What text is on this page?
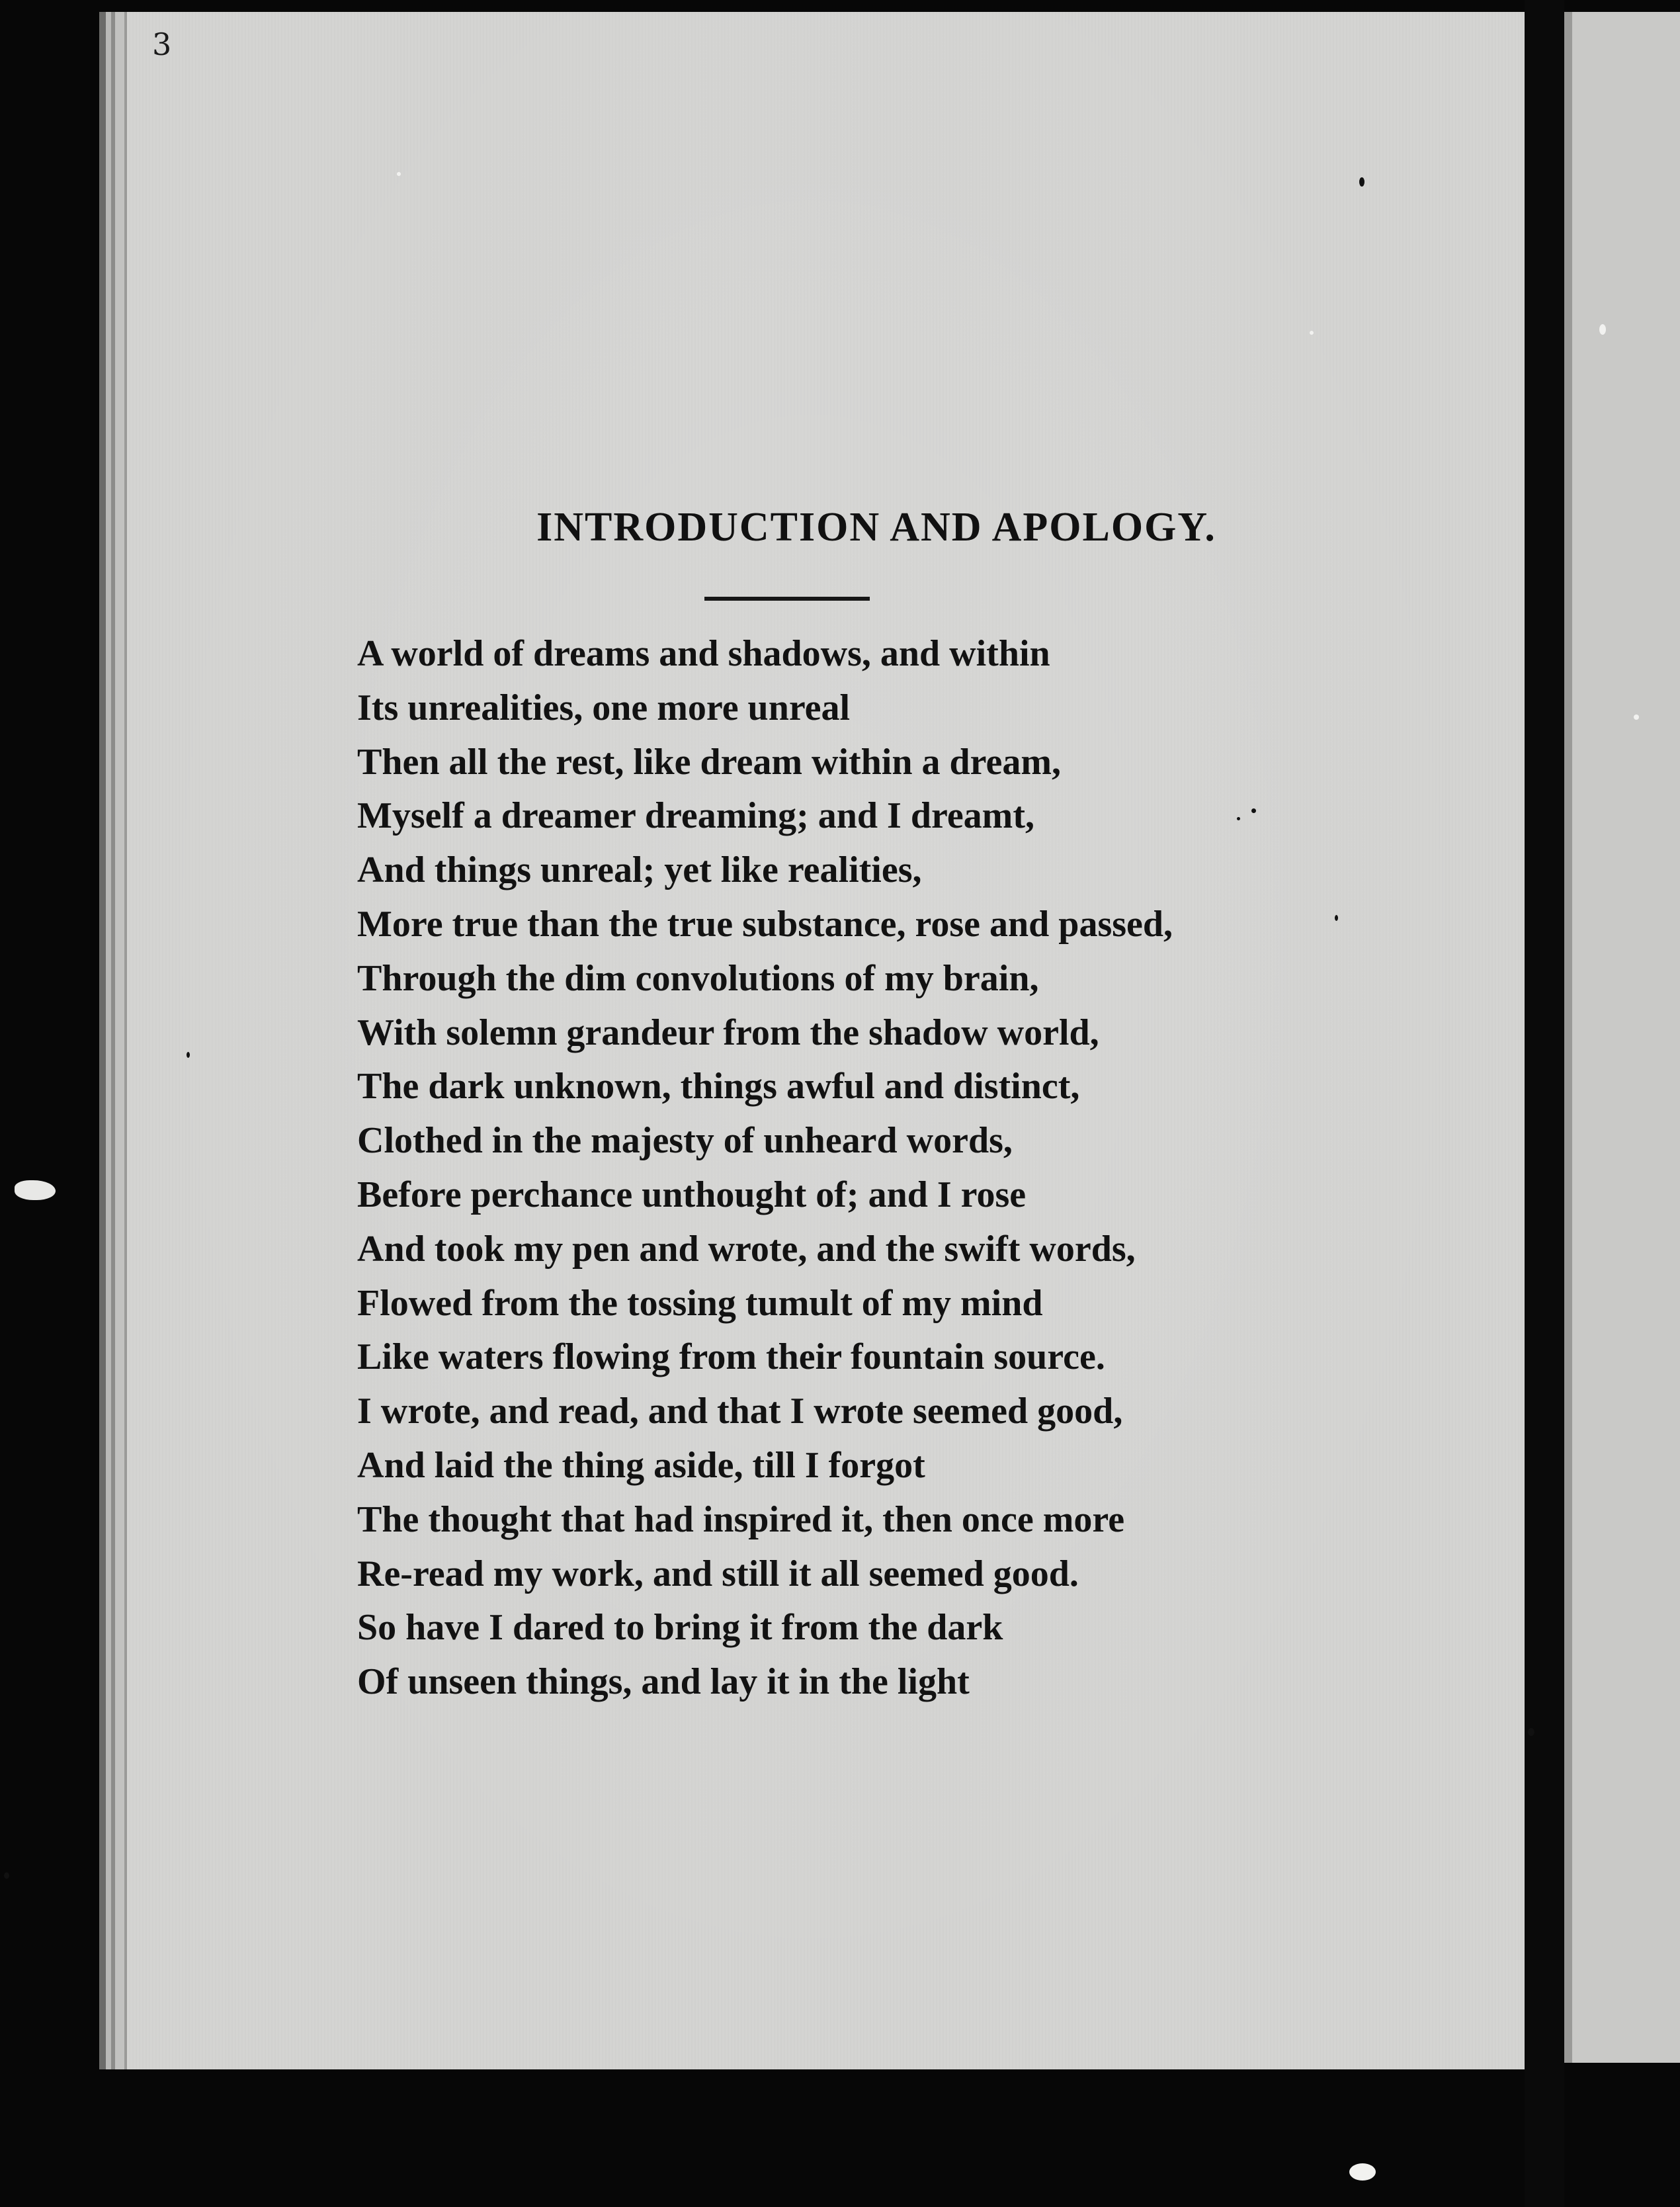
3
INTRODUCTION AND APOLOGY.
A world of dreams and shadows, and within
Its unrealities, one more unreal
Then all the rest, like dream within a dream,
Myself a dreamer dreaming; and I dreamt,
And things unreal; yet like realities,
More true than the true substance, rose and passed,
Through the dim convolutions of my brain,
With solemn grandeur from the shadow world,
The dark unknown, things awful and distinct,
Clothed in the majesty of unheard words,
Before perchance unthought of; and I rose
And took my pen and wrote, and the swift words,
Flowed from the tossing tumult of my mind
Like waters flowing from their fountain source.
I wrote, and read, and that I wrote seemed good,
And laid the thing aside, till I forgot
The thought that had inspired it, then once more
Re-read my work, and still it all seemed good.
So have I dared to bring it from the dark
Of unseen things, and lay it in the light
